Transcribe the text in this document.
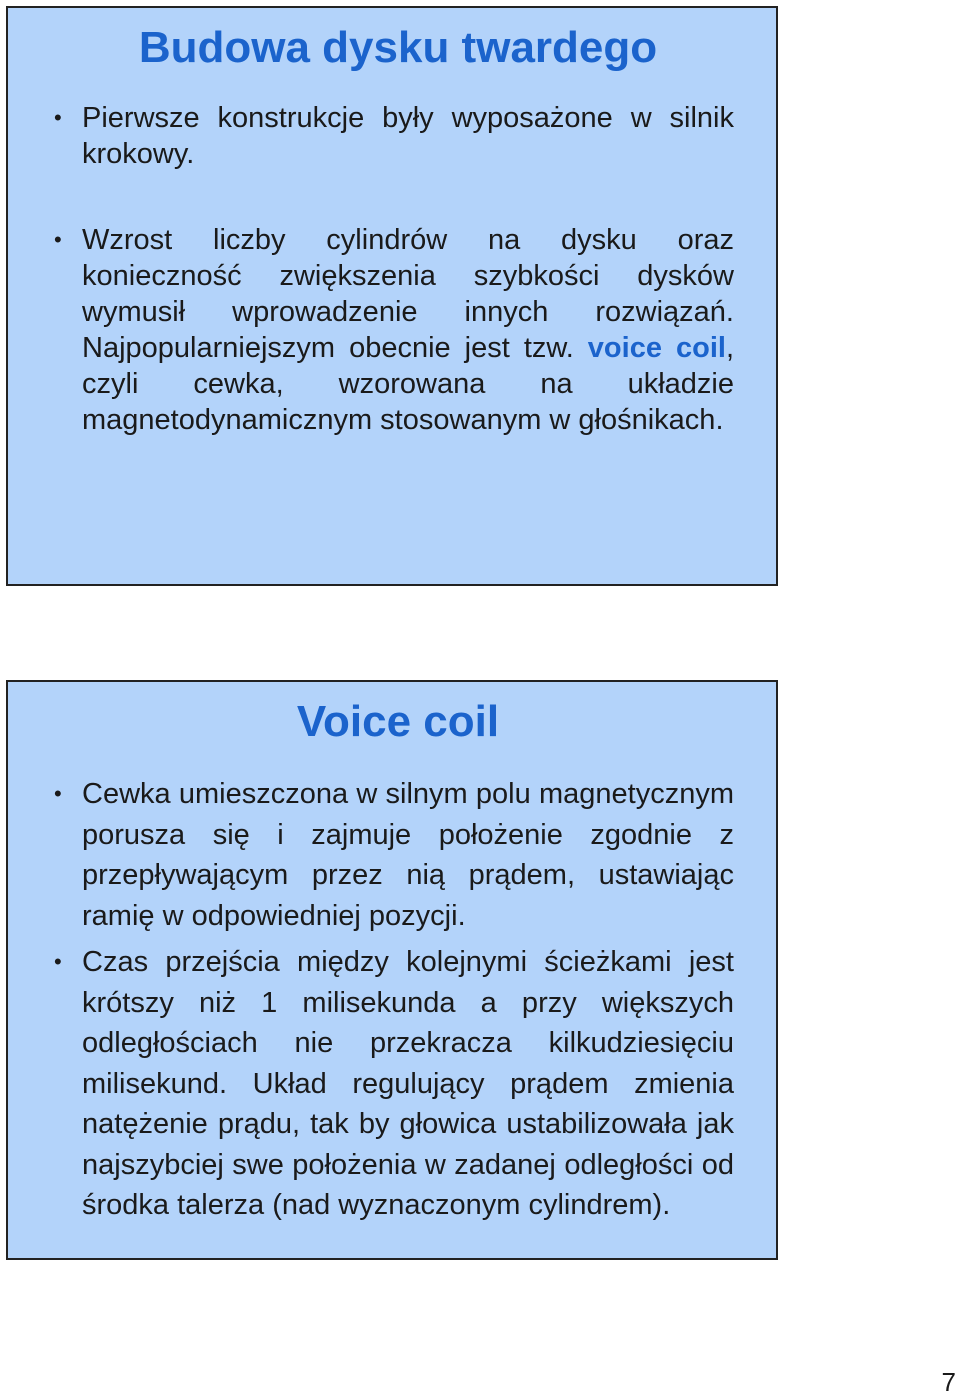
Budowa dysku twardego
• Pierwsze konstrukcje były wyposażone w silnik krokowy.
• Wzrost liczby cylindrów na dysku oraz konieczność zwiększenia szybkości dysków wymusił wprowadzenie innych rozwiązań. Najpopularniejszym obecnie jest tzw. voice coil, czyli cewka, wzorowana na układzie magnetodynamicznym stosowanym w głośnikach.
Voice coil
• Cewka umieszczona w silnym polu magnetycznym porusza się i zajmuje położenie zgodnie z przepływającym przez nią prądem, ustawiając ramię w odpowiedniej pozycji.
• Czas przejścia między kolejnymi ścieżkami jest krótszy niż 1 milisekunda a przy większych odległościach nie przekracza kilkudziesięciu milisekund. Układ regulujący prądem zmienia natężenie prądu, tak by głowica ustabilizowała jak najszybciej swe położenia w zadanej odległości od środka talerza (nad wyznaczonym cylindrem).
7
